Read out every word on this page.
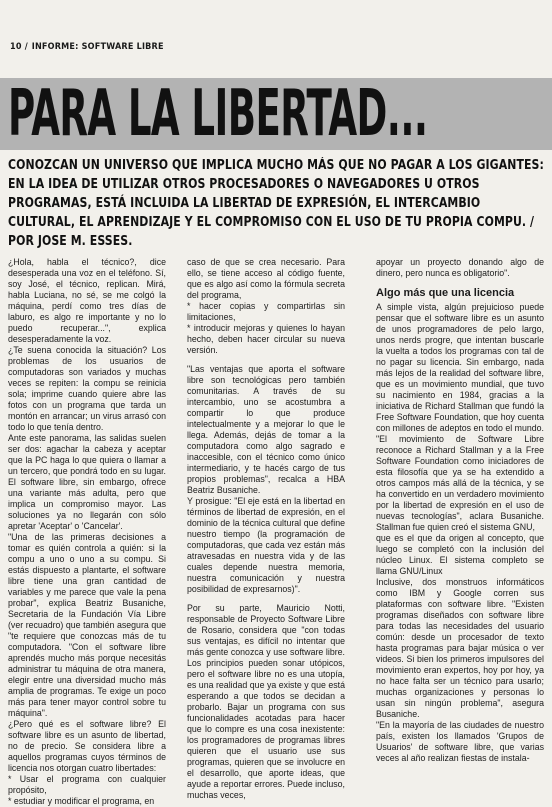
10 / INFORME: SOFTWARE LIBRE
PARA LA LIBERTAD...

CONOZCAN UN UNIVERSO QUE IMPLICA MUCHO MÁS QUE NO PAGAR A LOS GIGANTES: EN LA IDEA DE UTILIZAR OTROS PROCESADORES O NAVEGADORES U OTROS PROGRAMAS, ESTÁ INCLUIDA LA LIBERTAD DE EXPRESIÓN, EL INTERCAMBIO CULTURAL, EL APRENDIZAJE Y EL COMPROMISO CON EL USO DE TU PROPIA COMPU. / POR JOSE M. ESSES.

¿Hola, habla el técnico?, dice desesperada una voz en el teléfono. Sí, soy José, el técnico, replican. Mirá, habla Luciana, no sé, se me colgó la máquina, perdí como tres días de laburo, es algo re importante y no lo puedo recuperar...", explica desesperadamente la voz.
¿Te suena conocida la situación? Los problemas de los usuarios de computadoras son variados y muchas veces se repiten: la compu se reinicia sola; imprime cuando quiere abre las fotos con un programa que tarda un montón en arrancar; un virus arrasó con todo lo que tenía dentro.
Ante este panorama, las salidas suelen ser dos: agachar la cabeza y aceptar que la PC haga lo que quiera o llamar a un tercero, que pondrá todo en su lugar. El software libre, sin embargo, ofrece una variante más adulta, pero que implica un compromiso mayor. Las soluciones ya no llegarán con sólo apretar 'Aceptar' o 'Cancelar'.
"Una de las primeras decisiones a tomar es quién controla a quién: si la compu a uno o uno a su compu. Si estás dispuesto a plantarte, el software libre tiene una gran cantidad de variables y me parece que vale la pena probar", explica Beatriz Busaniche, Secretaria de la Fundación Vía Libre (ver recuadro) que también asegura que "te requiere que conozcas más de tu computadora. "Con el software libre aprendés mucho más porque necesitás administrar tu máquina de otra manera, elegir entre una diversidad mucho más amplia de programas. Te exige un poco más para tener mayor control sobre tu máquina".
¿Pero qué es el software libre? El software libre es un asunto de libertad, no de precio. Se considera libre a aquellos programas cuyos términos de licencia nos otorgan cuatro libertades:
* Usar el programa con cualquier propósito,
* estudiar y modificar el programa, en

caso de que se crea necesario. Para ello, se tiene acceso al código fuente, que es algo así como la fórmula secreta del programa,
* hacer copias y compartirlas sin limitaciones,
* introducir mejoras y quienes lo hayan hecho, deben hacer circular su nueva versión.

"Las ventajas que aporta el software libre son tecnológicas pero también comunitarias. A través de su intercambio, uno se acostumbra a compartir lo que produce intelectualmente y a mejorar lo que le llega. Además, dejás de tomar a la computadora como algo sagrado e inaccesible, con el técnico como único intermediario, y te hacés cargo de tus propios problemas", recalca a HBA Beatriz Busaniche.
Y prosigue: "El eje está en la libertad en términos de libertad de expresión, en el dominio de la técnica cultural que define nuestro tiempo (la programación de computadoras, que cada vez están más atravesadas en nuestra vida y de las cuales depende nuestra memoria, nuestra comunicación y nuestra posibilidad de expresarnos)".

Por su parte, Mauricio Notti, responsable de Proyecto Software Libre de Rosario, considera que "con todas sus ventajas, es difícil no intentar que más gente conozca y use software libre. Los principios pueden sonar utópicos, pero el software libre no es una utopía, es una realidad que ya existe y que está esperando a que todos se decidan a probarlo. Bajar un programa con sus funcionalidades acotadas para hacer que lo compre es una cosa inexistente: los programadores de programas libres quieren que el usuario use sus programas, quieren que se involucre en el desarrollo, que aporte ideas, que ayude a reportar errores. Puede incluso, muchas veces,

apoyar un proyecto donando algo de dinero, pero nunca es obligatorio".

Algo más que una licencia

A simple vista, algún prejuicioso puede pensar que el software libre es un asunto de unos programadores de pelo largo, unos nerds progre, que intentan buscarle la vuelta a todos los programas con tal de no pagar su licencia. Sin embargo, nada más lejos de la realidad del software libre, que es un movimiento mundial, que tuvo su nacimiento en 1984, gracias a la iniciativa de Richard Stallman que fundó la Free Software Foundation, que hoy cuenta con millones de adeptos en todo el mundo. "El movimiento de Software Libre reconoce a Richard Stallman y a la Free Software Foundation como iniciadores de esta filosofía que ya se ha extendido a otros campos más allá de la técnica, y se ha convertido en un verdadero movimiento por la libertad de expresión en el uso de nuevas tecnologías", aclara Busaniche. Stallman fue quien creó el sistema GNU,
que es el que da origen al concepto, que luego se completó con la inclusión del núcleo Linux. El sistema completo se llama GNU/Linux
Inclusive, dos monstruos informáticos como IBM y Google corren sus plataformas con software libre. "Existen programas diseñados con software libre para todas las necesidades del usuario común: desde un procesador de texto hasta programas para bajar música o ver videos. Si bien los primeros impulsores del movimiento eran expertos, hoy por hoy, ya no hace falta ser un técnico para usarlo; muchas organizaciones y personas lo usan sin ningún problema", asegura Busaniche.
"En la mayoría de las ciudades de nuestro país, existen los llamados 'Grupos de Usuarios' de software libre, que varias veces al año realizan fiestas de instala-
